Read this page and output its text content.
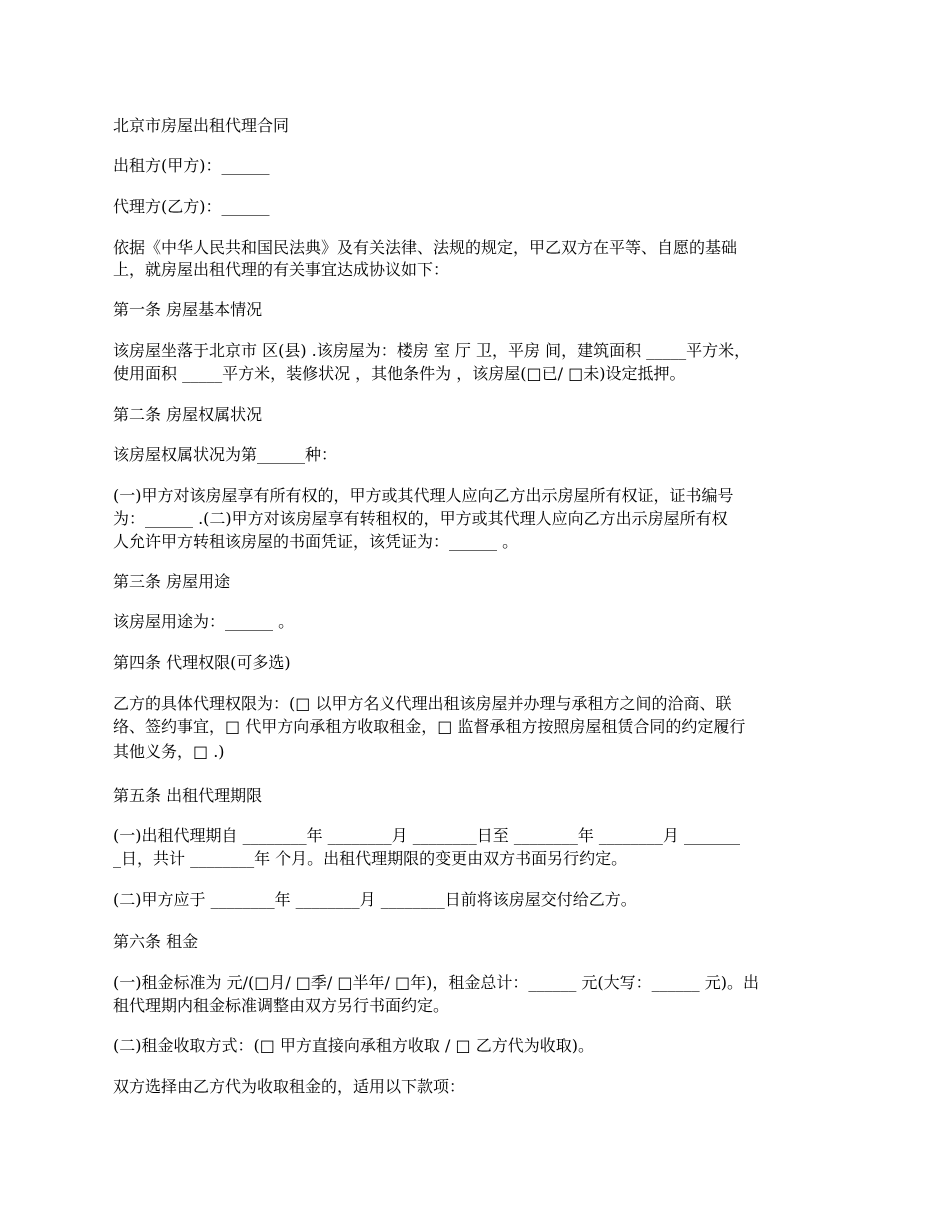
北京市房屋出租代理合同
出租方(甲方)：______
代理方(乙方)：______
依据《中华人民共和国民法典》及有关法律、法规的规定，甲乙双方在平等、自愿的基础
上，就房屋出租代理的有关事宜达成协议如下：
第一条 房屋基本情况
该房屋坐落于北京市 区(县) .该房屋为：楼房 室 厅 卫，平房 间，建筑面积 _____平方米，
使用面积 _____平方米，装修状况 ，其他条件为 ，该房屋(□已/ □未)设定抵押。
第二条 房屋权属状况
该房屋权属状况为第______种：
(一)甲方对该房屋享有所有权的，甲方或其代理人应向乙方出示房屋所有权证，证书编号
为：______ .(二)甲方对该房屋享有转租权的，甲方或其代理人应向乙方出示房屋所有权
人允许甲方转租该房屋的书面凭证，该凭证为：______ 。
第三条 房屋用途
该房屋用途为：______ 。
第四条 代理权限(可多选)
乙方的具体代理权限为：(□ 以甲方名义代理出租该房屋并办理与承租方之间的洽商、联
络、签约事宜，□ 代甲方向承租方收取租金，□ 监督承租方按照房屋租赁合同的约定履行
其他义务，□ .)
第五条 出租代理期限
(一)出租代理期自 ________年 ________月 ________日至 ________年 ________月 _______
_日，共计 ________年 个月。出租代理期限的变更由双方书面另行约定。
(二)甲方应于 ________年 ________月 ________日前将该房屋交付给乙方。
第六条 租金
(一)租金标准为 元/(□月/ □季/ □半年/ □年)，租金总计：______ 元(大写：______ 元)。出
租代理期内租金标准调整由双方另行书面约定。
(二)租金收取方式：(□ 甲方直接向承租方收取 / □ 乙方代为收取)。
双方选择由乙方代为收取租金的，适用以下款项：
